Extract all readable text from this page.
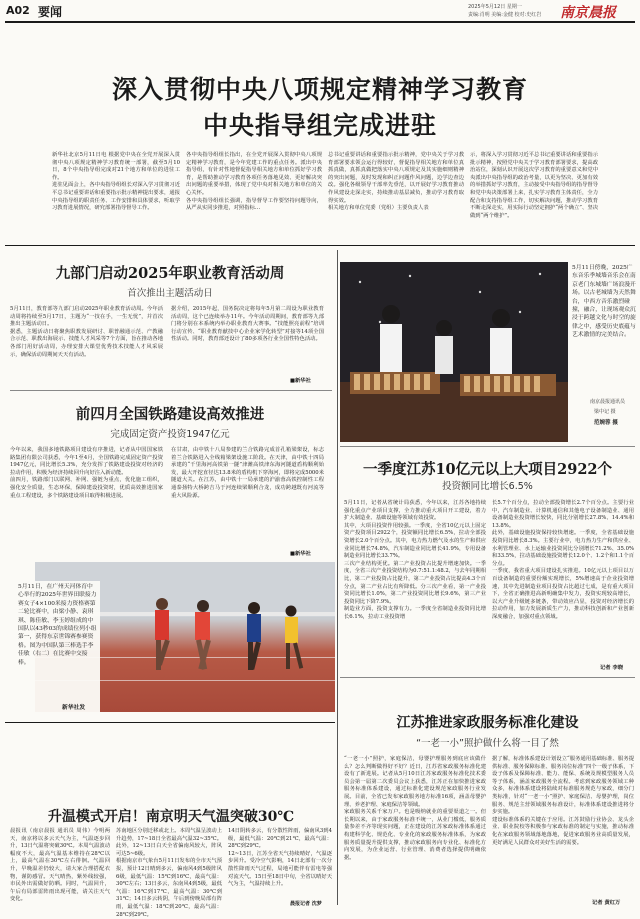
A02 要闻	2025年5月12日 星期一
责编:肖明 美编:金健 校对:史红岩 南京晨报
深入贯彻中央八项规定精神学习教育
中央指导组完成进驻
新华社北京5月11日电 根据党中央在全党开展深入贯彻中央八项规定精神学习教育统一部署，截至5月10日，8个中央指导组完成对21个地方和单位的进驻工作。
进驻见面会上，各中央指导组组长对深入学习贯彻习近平总书记重要讲话和重要指示批示精神提出要求，通报中央指导组的职责任务、工作安排和具体要求，听取学习教育进展情况，研究部署指导督导工作。
各中央指导组组长指出，在全党开展深入贯彻中央八项规定精神学习教育，是今年党建工作的重点任务。派出中央指导组，有针对性地督促指导相关地方和单位抓好学习教育，是帮助推动学习教育各项任务落地见效、更好解决突出问题的重要举措，体现了党中央对相关地方和单位的关心关怀。
各中央指导组组长强调，指导督导工作要坚持问题导向，从严从实同步推进，对照指标…
总书记重要讲话和重要指示批示精神，党中央关于学习教育部署要求领会运行得较好，督促指导相关地方和单位真抓真做，真抓真做把落实中央八项规定及其实施细则精神的突出问题，及时发现和纠正问题作风问题，边学边查边改。强化各级领导干部率先垂范，以开展好学习教育推动作风建设走深走实，持续推动基层减负，推动学习教育取得实效。
相关地方和单位党委（党组）主要负责人表
示，将深入学习贯彻习近平总书记重要讲话和重要指示批示精神，按照党中央关于学习教育部署要求，提高政治站位，深刻认识开展这次学习教育的重要意义和党中央派出中央指导组的政治考量，以更为坚决、更加有效的举措抓好学习教育，主动接受中央指导组的指导督导和党中央决策部署上来，扎实学习教育主体责任，全力配合和支持指导组工作，切实解决问题，推动学习教育不断走深走实，用实际行动坚定拥护“两个确立”、坚决做到“两个维护”。
九部门启动2025年职业教育活动周
首次推出主题活动日
5月11日，教育部等九部门启动2025年职业教育活动周。今年活动周将持续至5月17日，主题为“一技在手，一生无忧”，并首次推出主题活动日。
据悉，主题活动日将聚焦职教发展研讨、职普融通示范、产教融合示范、职教出海展示、技能人才风采等7个方面，旨在推动各地各部门用好活动周，办理安排大课堂优秀技术技能人才风采展示，确保活动周期间天天有活动。
据介绍，2015年起，国务院决定将每年5月第二周设为职业教育活动周，这个已连续举办11年。今年活动周期间，教育部等九部门将分别在本系统内举办职业教育大赛事。“技能照亮前程”培训行动宣传、“职业教育献技中心企业家学化转型”对接等14项全国性活动。同时，教育部还设计了80多项各行业全国性特色活动。
■新华社
前四月全国铁路建设高效推进
完成固定资产投资1947亿元
今年以来，我国多地铁路项目建设有序推进，记者从中国国家铁路集团有限公司获悉，今年1至4月，全国铁路完成固定资产投资1947亿元，同比增长5.3%，充分发挥了铁路建设投资对经济的拉动作用，积极为经济持续回升向好注入新动能。
前四月，铁路部门以联网、补网、强链为重点，优化施工组织，强化安全质量，生态环保，保障建设投资时，优质高效推进国家重点工程建设，多个铁路建设项目取得积极进展。
在甘肃，由中铁十八局参建的兰合铁路完成首孔箱梁架设，标志着兰合铁路进入全线箱梁架设施工阶段。在天津，由中铁十四局承建的“千里海河高铁第一隧”津潍高铁津东海河隧道盾构顺利始发，最大开挖直径达13.8米的盾构机下穿海河，即将完成5000米隧道大关。在江苏，由中铁十一局承建的沪渝蓉高铁控制性工程通泰扬特大桥跨吉马于河连续梁顺利合龙，成功跨越既有河流等重大风险源。
■新华社
5月11日，在广州天河体育中心举行的2025年世界田联接力赛女子4×100米接力资格赛第二轮比赛中，由梁小静、袁琪琪、陈佳敏、李玉婷组成的中国队以43秒03的成绩位列小组第一，获得东京世锦赛参赛资格。图为中国队第三棒选手李佳敏（右二）在比赛中交接棒。
新华社发
升温模式开启！南京明天气温突破30℃
晨报讯（南京晨报 通讯员 周伟）今明两天，南京将以多云天气为主，气温逐步回升，13日气温将突破30℃。本周气温波动幅度不大，最高气温基本维持在28℃以上，最高气温在30℃左右徘徊。气温回升，早晚温差仍较大，请大家合理搭配衣物，谨防感冒。天气晴热，紫外线较强，市民外出需做好防晒。同时，气温回升，午后有局部雷阵雨出现可能，请关注天气变化。
苏南地区分别迁移或北上。本周气温呈波动上升趋势，17~18日全省最高气温32~35℃。此外，12~13日白天全省偏南风较大，阵风可达5~6级。
根据南京市气象台5月11日发布的全市天气预报，预计12日晴到多云，偏南风4到5级阵风6级，最低气温：15℃到16℃，最高气温：30℃左右；13日多云，东南风4到5级，最低气温：16℃到17℃，最高气温：30℃到31℃；14日多云转阴，午后到傍晚局部有阵雨，最低气温：18℃到20℃，最高气温：28℃到29℃。
14日阴转多云，有分散性阵雨，偏南风3到4级，最低气温：20℃到21℃，最高气温：28℃到29℃。
12~13日，江苏全省天气持续晴好，气温逐步回升。受冷空气影响，14日北部有一次分散性降雨天气过程，局地可能伴有雷电等强对流天气。15日至18日中旬，全省以晴好天气为主，气温持续上升。
晨报记者 沈梦
5月11日傍晚，2025广东音乐季城墙音乐会在南京老门东城墙广场浪漫开场。以古老城墙为天然舞台，中西方音乐激烈碰撞，融合，让现场观众沉浸于跨越文化与时空的旋律之中，感受历史底蕴与艺术激情的完美结合。
南京晨报通讯员
梁中记 摄
范婉蓉 摄
一季度江苏10亿元以上大项目2922个
投资额同比增长6.5%
5月11日，记者从省统计局获悉，今年以来，江苏各地持续强化重点产业项目支撑，全力推动重大项目开工建设，着力扩大制造业、基础设施等领域有效投资。
其中，大项目投资作用较强。一季度，全省10亿元以上固定资产投资项目2922个，投资额同比增长6.5%，拉动全部投资增长2.0个百分点。其中，电力热力燃气及水的生产和供应业同比增长74.8%，汽车制造业同比增长41.9%，专用设备制造业同比增长33.7%。
三次产业结构更优。第二产业投资占比提升增速加快。一季度，全省三次产业投资结构为0.7:51.1:48.2，与去年同期相比，第二产业投资占比提升，第二产业投资占比提高4.3个百分点，第二产业占比有所降低。分三次产业看，第一产业投资同比增长1.0%，第二产业投资同比增长9.6%，第三产业投资同比下降7.9%。
制造业方面，投资支撑有力。一季度全省制造业投资同比增长6.1%，拉动工业投资增
长5.7个百分点，拉动全部投资增长2.7个百分点。主要行业中，汽车制造业、计算机通信和其他电子设备制造业、通用设备制造业投资增长较快，同比分别增长27.8%、14.4%和13.8%。
此外，基础设施投资保持较快增速。一季度，全省基础设施投资同比增长8.3%。主要行业中，电力热力生产和供应业、水利管理业、水上运输业投资同比分别增长71.2%、35.0%和33.5%，拉动基础设施投资增长12.0个、1.2个和1.1个百分点。
一季度，我省重大项目建设扎实推进。10亿元以上项目以万百设备制造的重要份额实现增长，5%增速高于企业投资增速，其中先进制造业项目投资占比超过七成，是有重大项目下，全省正确推进高新明确集中发力，投资实现较高增长，以大产业升级链多链条，带动效应凸显，投资对经济增长的拉动作用，加力发展新质生产力，推动科技创新和产业创新深度融合，加强对重点领域。
记者 李晓
江苏推进家政服务标准化建设
“一老一小”照护做什么将一目了然
“一老一小”照护，家庭保洁，母婴护理服务到底应该做什么？怎么判断做得好不好？近日，江苏省家政服务标准化建设有了新进展。记者从5月10日江苏家政服务标准化技术委员会第一届第二次委员会议上获悉，江苏正在加快推进家政服务标准体系建设，通过标准化建设规范家政服务行业发展。目前，全省已发布家政服务地方标准16项，涵盖母婴护理、养老护理、家庭保洁等领域。
家政服务关系千家万户。也是吸纳就业的重要渠道之一。但长期以来，由于家政服务标准不统一，从业门槛低，服务质量参差不齐等现实问题，正在建设的江苏家政标准体系通过构建科学化、规范化、专业化的家政服务标准体系，为家政服务质量提升提供支撑，推动家政服务向专业化、标准化方向发展，为企业运营、行业管理、消费者选择提供明确依据。
据了解，标准体系建设计划设立“服务通用基础标准、服务提供标准、服务保障标准、服务岗位标准”四个一级子体系，下设子体系及保障标准、能力、能保、系统及规模型服务人员等子体系，涵盖家政服务全流程。考虑到家政服务领域工种众多，标准体系建设将陆续对标准服务规范与家政，细分门类标准，针对“一老一小”照护、家庭保洁、母婴护理，岗位服务、规范主营领域服务标准设计，标准体系建设推进将分步实施。
建设标准体系的关键在于应用。江苏鼓励行业协会、龙头企业、职业院校等积极参与家政标准的制定与实施，推动标准化在家政服务领域落地落地，促进家政服务业高质量发展，更好满足人民群众对美好生活的需要。
记者 黄红万
